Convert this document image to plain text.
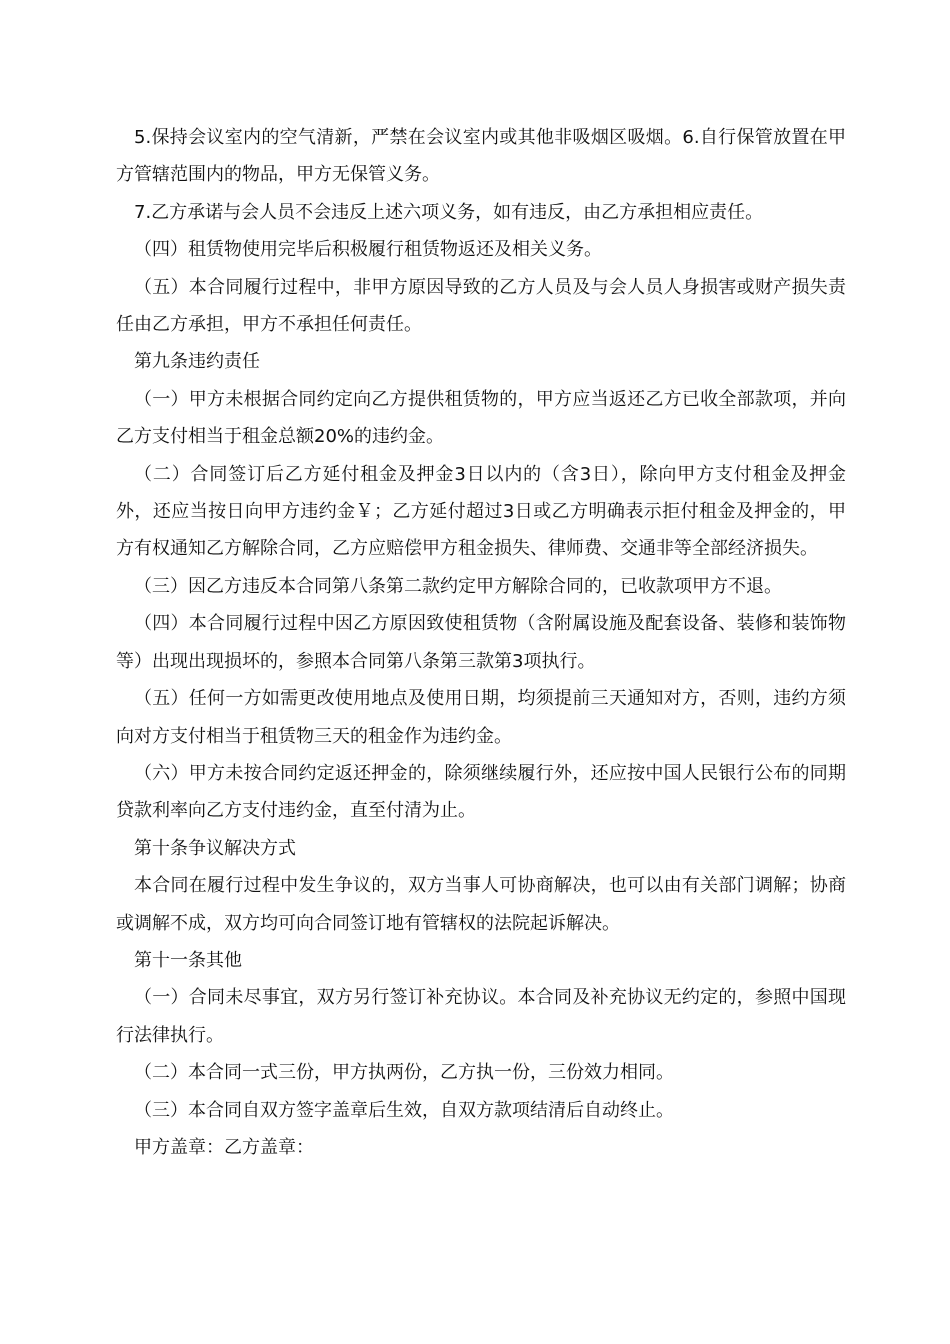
5.保持会议室内的空气清新，严禁在会议室内或其他非吸烟区吸烟。6.自行保管放置在甲方管辖范围内的物品，甲方无保管义务。

7.乙方承诺与会人员不会违反上述六项义务，如有违反，由乙方承担相应责任。

（四）租赁物使用完毕后积极履行租赁物返还及相关义务。

（五）本合同履行过程中，非甲方原因导致的乙方人员及与会人员人身损害或财产损失责任由乙方承担，甲方不承担任何责任。

第九条违约责任

（一）甲方未根据合同约定向乙方提供租赁物的，甲方应当返还乙方已收全部款项，并向乙方支付相当于租金总额20%的违约金。

（二）合同签订后乙方延付租金及押金3日以内的（含3日），除向甲方支付租金及押金外，还应当按日向甲方违约金￥；乙方延付超过3日或乙方明确表示拒付租金及押金的，甲方有权通知乙方解除合同，乙方应赔偿甲方租金损失、律师费、交通非等全部经济损失。

（三）因乙方违反本合同第八条第二款约定甲方解除合同的，已收款项甲方不退。

（四）本合同履行过程中因乙方原因致使租赁物（含附属设施及配套设备、装修和装饰物等）出现出现损坏的，参照本合同第八条第三款第3项执行。

（五）任何一方如需更改使用地点及使用日期，均须提前三天通知对方，否则，违约方须向对方支付相当于租赁物三天的租金作为违约金。

（六）甲方未按合同约定返还押金的，除须继续履行外，还应按中国人民银行公布的同期贷款利率向乙方支付违约金，直至付清为止。

第十条争议解决方式

本合同在履行过程中发生争议的，双方当事人可协商解决，也可以由有关部门调解；协商或调解不成，双方均可向合同签订地有管辖权的法院起诉解决。

第十一条其他

（一）合同未尽事宜，双方另行签订补充协议。本合同及补充协议无约定的，参照中国现行法律执行。

（二）本合同一式三份，甲方执两份，乙方执一份，三份效力相同。

（三）本合同自双方签字盖章后生效，自双方款项结清后自动终止。

甲方盖章：乙方盖章：
